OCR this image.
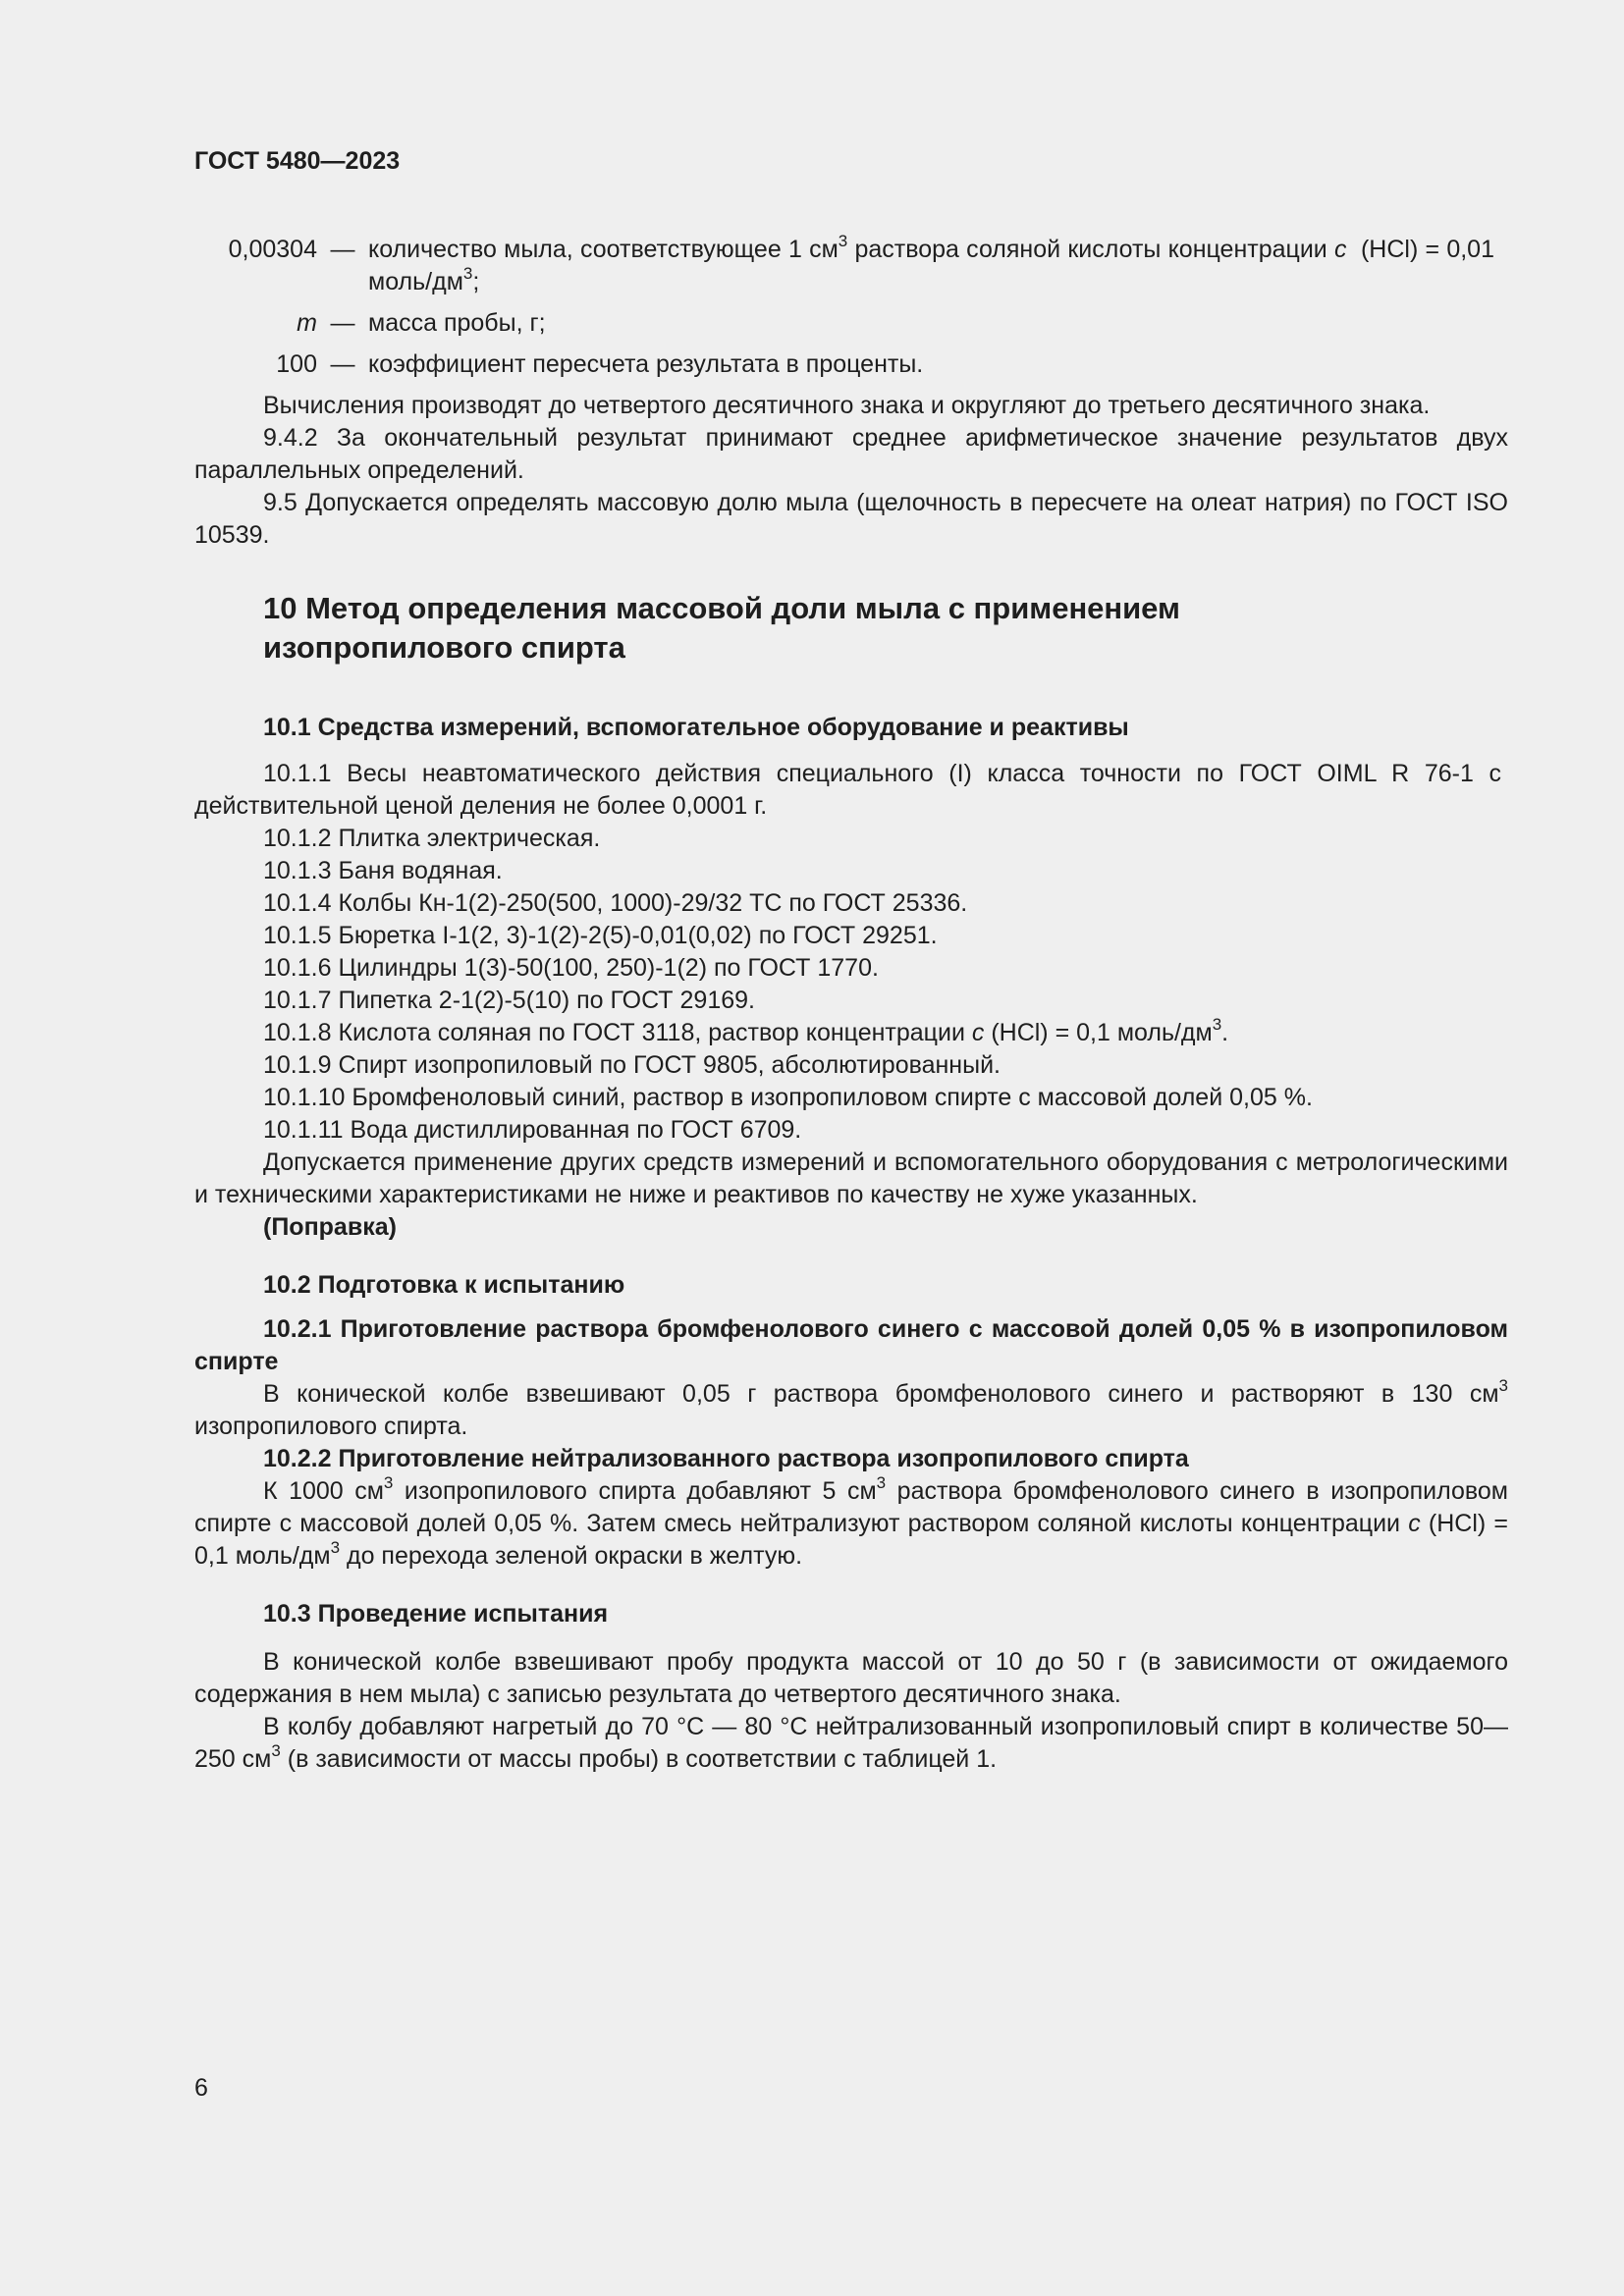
ГОСТ 5480—2023
0,00304 — количество мыла, соответствующее 1 $см^3$ раствора соляной кислоты концентрации c  (HCl) = 0,01 моль/$дм^3$;
m — масса пробы, г;
100 — коэффициент пересчета результата в проценты.

Вычисления производят до четвертого десятичного знака и округляют до третьего десятичного знака.

9.4.2 За окончательный результат принимают среднее арифметическое значение результатов двух параллельных определений.

9.5 Допускается определять массовую долю мыла (щелочность в пересчете на олеат натрия) по ГОСТ ISO 10539.

10 Метод определения массовой доли мыла с применением изопропилового спирта
10.1 Средства измерений, вспомогательное оборудование и реактивы

10.1.1 Весы неавтоматического действия специального (I) класса точности по ГОСТ OIML R 76-1 с  действительной ценой деления не более 0,0001 г.

10.1.2 Плитка электрическая.

10.1.3 Баня водяная.

10.1.4 Колбы Кн-1(2)-250(500, 1000)-29/32 ТС по ГОСТ 25336.

10.1.5 Бюретка I-1(2, 3)-1(2)-2(5)-0,01(0,02) по ГОСТ 29251.

10.1.6 Цилиндры 1(3)-50(100, 250)-1(2) по ГОСТ 1770.

10.1.7 Пипетка 2-1(2)-5(10) по ГОСТ 29169.

10.1.8 Кислота соляная по ГОСТ 3118, раствор концентрации c (HCl) = 0,1 моль/$дм^3$.

10.1.9 Спирт изопропиловый по ГОСТ 9805, абсолютированный.

10.1.10 Бромфеноловый синий, раствор в изопропиловом спирте с массовой долей 0,05 %.

10.1.11 Вода дистиллированная по ГОСТ 6709.

Допускается применение других средств измерений и вспомогательного оборудования с метрологическими и техническими характеристиками не ниже и реактивов по качеству не хуже указанных.

(Поправка)

10.2 Подготовка к испытанию

10.2.1 Приготовление раствора бромфенолового синего с массовой долей 0,05 % в изопропиловом спирте

В конической колбе взвешивают 0,05 г раствора бромфенолового синего и растворяют в 130 $см^3$ изопропилового спирта.

10.2.2 Приготовление нейтрализованного раствора изопропилового спирта

К 1000 $см^3$ изопропилового спирта добавляют 5 $см^3$ раствора бромфенолового синего в изопропиловом спирте с массовой долей 0,05 %. Затем смесь нейтрализуют раствором соляной кислоты концентрации c (HCl) = 0,1 моль/$дм^3$ до перехода зеленой окраски в желтую.

10.3 Проведение испытания

В конической колбе взвешивают пробу продукта массой от 10 до 50 г (в зависимости от ожидаемого содержания в нем мыла) с записью результата до четвертого десятичного знака.

В колбу добавляют нагретый до 70 °С — 80 °С нейтрализованный изопропиловый спирт в количестве 50—250 $см^3$ (в зависимости от массы пробы) в соответствии с таблицей 1.

6
